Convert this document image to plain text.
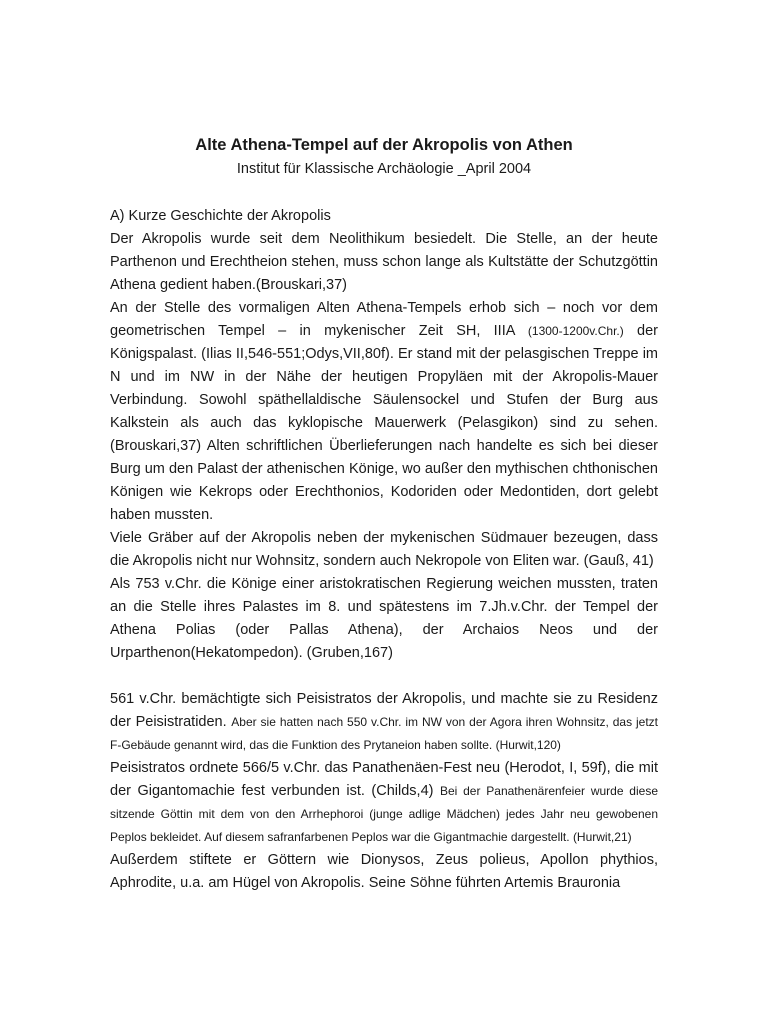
Alte Athena-Tempel auf der Akropolis von Athen
Institut für Klassische Archäologie _April 2004

A) Kurze Geschichte der Akropolis

Der Akropolis wurde seit dem Neolithikum besiedelt. Die Stelle, an der heute Parthenon und Erechtheion stehen, muss schon lange als Kultstätte der Schutzgöttin Athena gedient haben.(Brouskari,37)

An der Stelle des vormaligen Alten Athena-Tempels erhob sich – noch vor dem geometrischen Tempel – in mykenischer Zeit SH, IIIA (1300-1200v.Chr.) der Königspalast. (Ilias II,546-551;Odys,VII,80f). Er stand mit der pelasgischen Treppe im N und im NW in der Nähe der heutigen Propyläen mit der Akropolis-Mauer Verbindung. Sowohl späthellaldische Säulensockel und Stufen der Burg aus Kalkstein als auch das kyklopische Mauerwerk (Pelasgikon) sind zu sehen. (Brouskari,37) Alten schriftlichen Überlieferungen nach handelte es sich bei dieser Burg um den Palast der athenischen Könige, wo außer den mythischen chthonischen Königen wie Kekrops oder Erechthonios, Kodoriden oder Medontiden, dort gelebt haben mussten.

Viele Gräber auf der Akropolis neben der mykenischen Südmauer bezeugen, dass die Akropolis nicht nur Wohnsitz, sondern auch Nekropole von Eliten war. (Gauß, 41)

Als 753 v.Chr. die Könige einer aristokratischen Regierung weichen mussten, traten an die Stelle ihres Palastes im 8. und spätestens im 7.Jh.v.Chr. der Tempel der Athena Polias (oder Pallas Athena), der Archaios Neos und der Urparthenon(Hekatompedon). (Gruben,167)

561 v.Chr. bemächtigte sich Peisistratos der Akropolis, und machte sie zu Residenz der Peisistratiden. Aber sie hatten nach 550 v.Chr. im NW von der Agora ihren Wohnsitz, das jetzt F-Gebäude genannt wird, das die Funktion des Prytaneion haben sollte. (Hurwit,120)

Peisistratos ordnete 566/5 v.Chr. das Panathenäen-Fest neu (Herodot, I, 59f), die mit der Gigantomachie fest verbunden ist. (Childs,4) Bei der Panathenärenfeier wurde diese sitzende Göttin mit dem von den Arrhephoroi (junge adlige Mädchen) jedes Jahr neu gewobenen Peplos bekleidet. Auf diesem safranfarbenen Peplos war die Gigantmachie dargestellt. (Hurwit,21)

Außerdem stiftete er Göttern wie Dionysos, Zeus polieus, Apollon phythios, Aphrodite, u.a. am Hügel von Akropolis. Seine Söhne führten Artemis Brauronia
